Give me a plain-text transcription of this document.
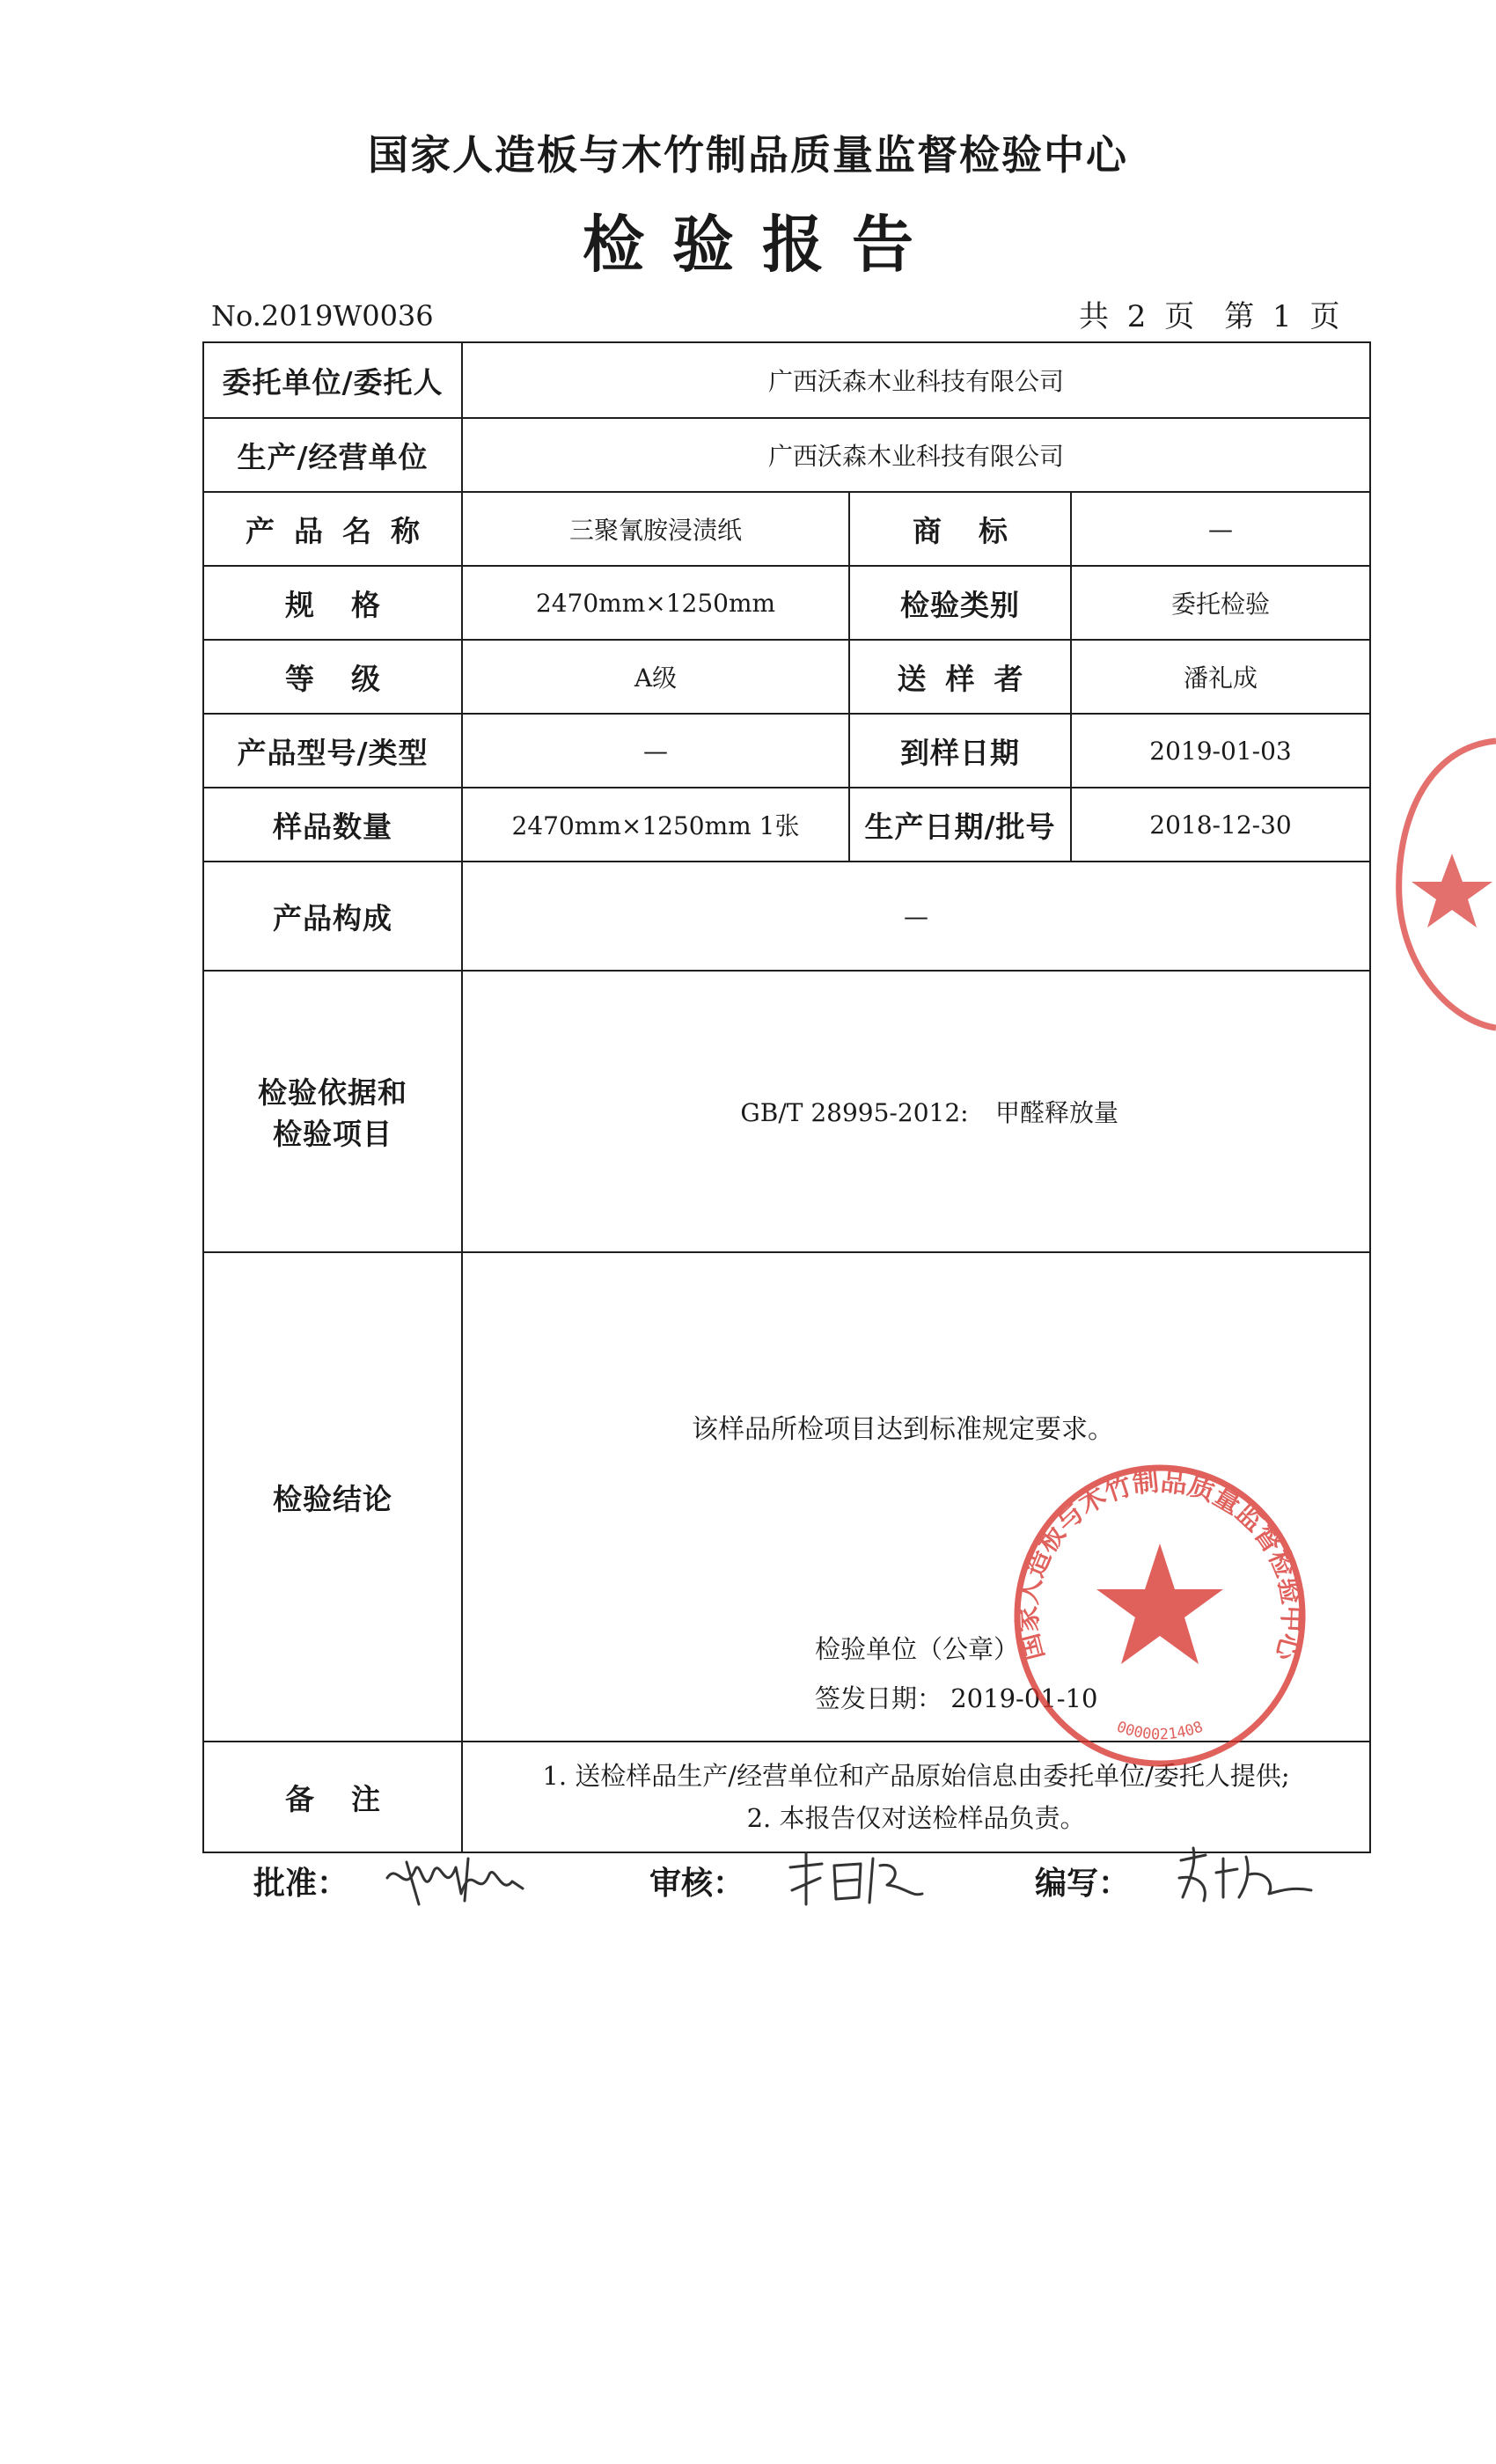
国家人造板与木竹制品质量监督检验中心
检验报告
No.2019W0036	共 2 页 第 1 页
委托单位/委托人	广西沃森木业科技有限公司		
生产/经营单位	广西沃森木业科技有限公司		
产品名称	三聚氰胺浸渍纸	商标	—
规格	2470mm×1250mm	检验类别	委托检验
等级	A级	送样者	潘礼成
产品型号/类型	—	到样日期	2019-01-03
样品数量	2470mm×1250mm 1张	生产日期/批号	2018-12-30
产品构成	—		

检验依据和
检验项目	GB/T 28995-2012: 甲醛释放量		
检验结论	该样品所检项目达到标准规定要求。
检验单位（公章）
签发日期： 2019-01-10		

备注	1. 送检样品生产/经营单位和产品原始信息由委托单位/委托人提供;
2. 本报告仅对送检样品负责。		
国家人造板与木竹制品质量监督检验中心
0000021408
批准：	审核：	编写：
